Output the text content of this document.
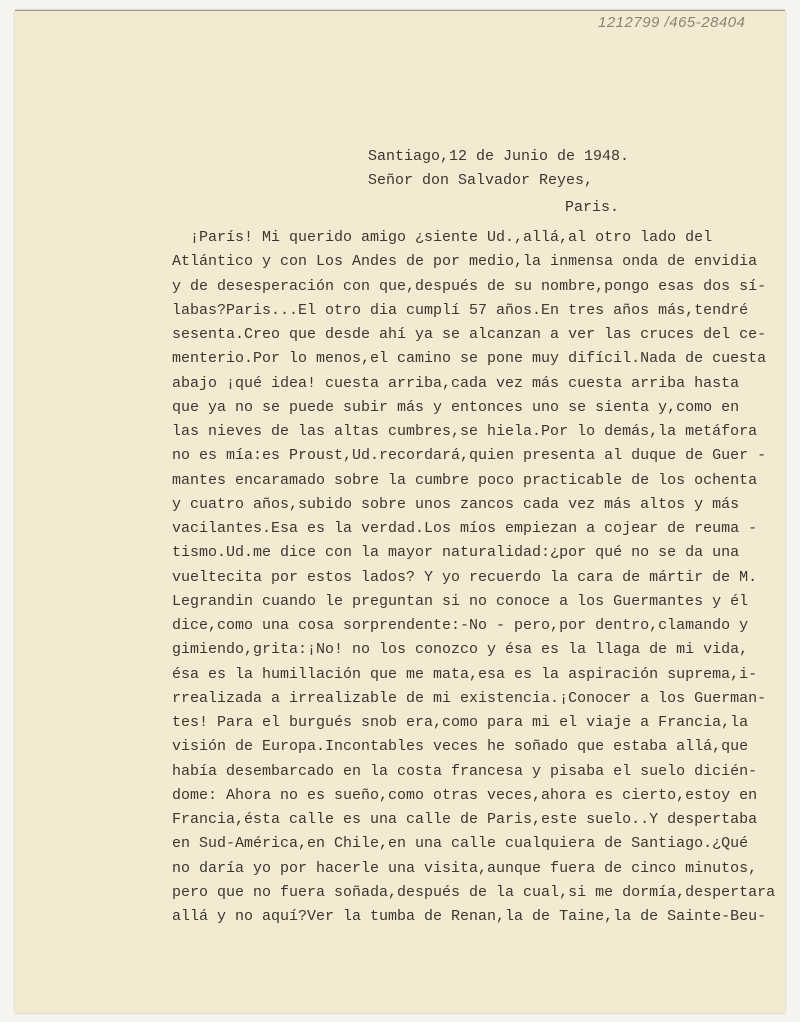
1212799 /465-28404
Santiago,12 de Junio de 1948.
Señor don Salvador Reyes,
Paris.
¡París! Mi querido amigo ¿siente Ud.,allá,al otro lado del
Atlántico y con Los Andes de por medio,la inmensa onda de envidia
y de desesperación con que,después de su nombre,pongo esas dos sí-
labas?Paris...El otro dia cumplí 57 años.En tres años más,tendré
sesenta.Creo que desde ahí ya se alcanzan a ver las cruces del ce-
menterio.Por lo menos,el camino se pone muy difícil.Nada de cuesta
abajo ¡qué idea! cuesta arriba,cada vez más cuesta arriba hasta
que ya no se puede subir más y entonces uno se sienta y,como en
las nieves de las altas cumbres,se hiela.Por lo demás,la metáfora
no es mía:es Proust,Ud.recordará,quien presenta al duque de Guer -
mantes encaramado sobre la cumbre poco practicable de los ochenta
y cuatro años,subido sobre unos zancos cada vez más altos y más
vacilantes.Esa es la verdad.Los míos empiezan a cojear de reuma -
tismo.Ud.me dice con la mayor naturalidad:¿por qué no se da una
vueltecita por estos lados? Y yo recuerdo la cara de mártir de M.
Legrandin cuando le preguntan si no conoce a los Guermantes y él
dice,como una cosa sorprendente:-No - pero,por dentro,clamando y
gimiendo,grita:¡No! no los conozco y ésa es la llaga de mi vida,
ésa es la humillación que me mata,esa es la aspiración suprema,i-
rrealizada a irrealizable de mi existencia.¡Conocer a los Guerman-
tes! Para el burgués snob era,como para mi el viaje a Francia,la
visión de Europa.Incontables veces he soñado que estaba allá,que
había desembarcado en la costa francesa y pisaba el suelo dicién-
dome: Ahora no es sueño,como otras veces,ahora es cierto,estoy en
Francia,ésta calle es una calle de Paris,este suelo..Y despertaba
en Sud-América,en Chile,en una calle cualquiera de Santiago.¿Qué
no daría yo por hacerle una visita,aunque fuera de cinco minutos,
pero que no fuera soñada,después de la cual,si me dormía,despertara
allá y no aquí?Ver la tumba de Renan,la de Taine,la de Sainte-Beu-
